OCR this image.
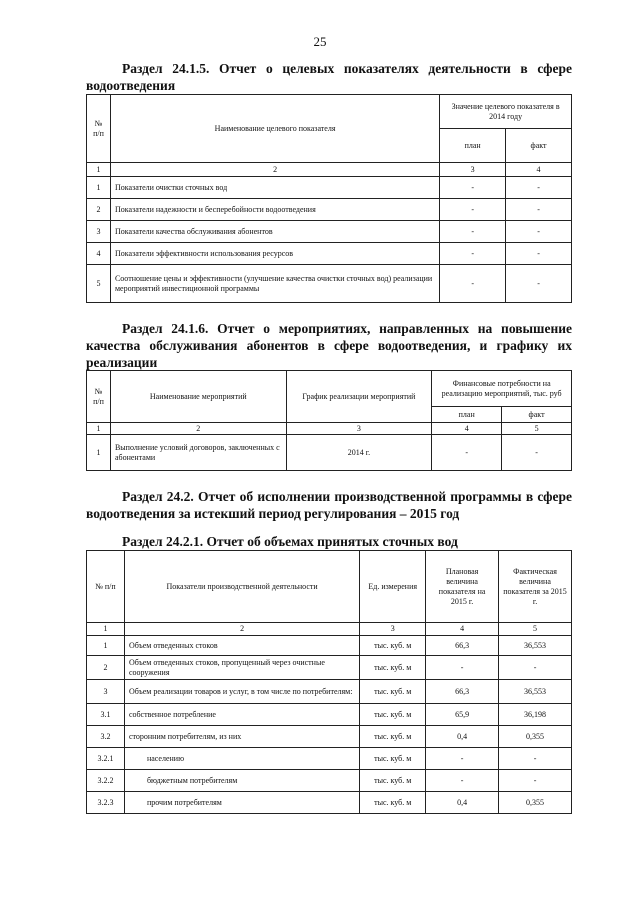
25
Раздел 24.1.5. Отчет о целевых показателях деятельности в сфере водоотведения
№ п/п	Наименование целевого показателя	Значение целевого показателя в 2014 году	
		план	факт
1	2	3	4
1	Показатели очистки сточных вод	-	-
2	Показатели надежности и бесперебойности водоотведения	-	-
3	Показатели качества обслуживания абонентов	-	-
4	Показатели эффективности использования ресурсов	-	-
5	Соотношение цены и эффективности (улучшение качества очистки сточных вод) реализации мероприятий инвестиционной программы	-	-
Раздел 24.1.6. Отчет о мероприятиях, направленных на повышение качества обслуживания абонентов в сфере водоотведения, и графику их реализации
№ п/п	Наименование мероприятий	График реализации мероприятий	Финансовые потребности на реализацию мероприятий, тыс. руб	
			план	факт
1	2	3	4	5
1	Выполнение условий договоров, заключенных с абонентами	2014 г.	-	-
Раздел 24.2. Отчет об исполнении производственной программы в сфере водоотведения за истекший период регулирования – 2015 год
Раздел 24.2.1. Отчет об объемах принятых сточных вод
№ п/п	Показатели производственной деятельности	Ед. измерения	Плановая величина показателя на 2015 г.	Фактическая величина показателя за 2015 г.
1	2	3	4	5
1	Объем отведенных стоков	тыс. куб. м	66,3	36,553
2	Объем отведенных стоков, пропущенный через очистные сооружения	тыс. куб. м	-	-
3	Объем реализации товаров и услуг, в том числе по потребителям:	тыс. куб. м	66,3	36,553
3.1	собственное потребление	тыс. куб. м	65,9	36,198
3.2	сторонним потребителям, из них	тыс. куб. м	0,4	0,355
3.2.1	населению	тыс. куб. м	-	-
3.2.2	бюджетным потребителям	тыс. куб. м	-	-
3.2.3	прочим потребителям	тыс. куб. м	0,4	0,355
